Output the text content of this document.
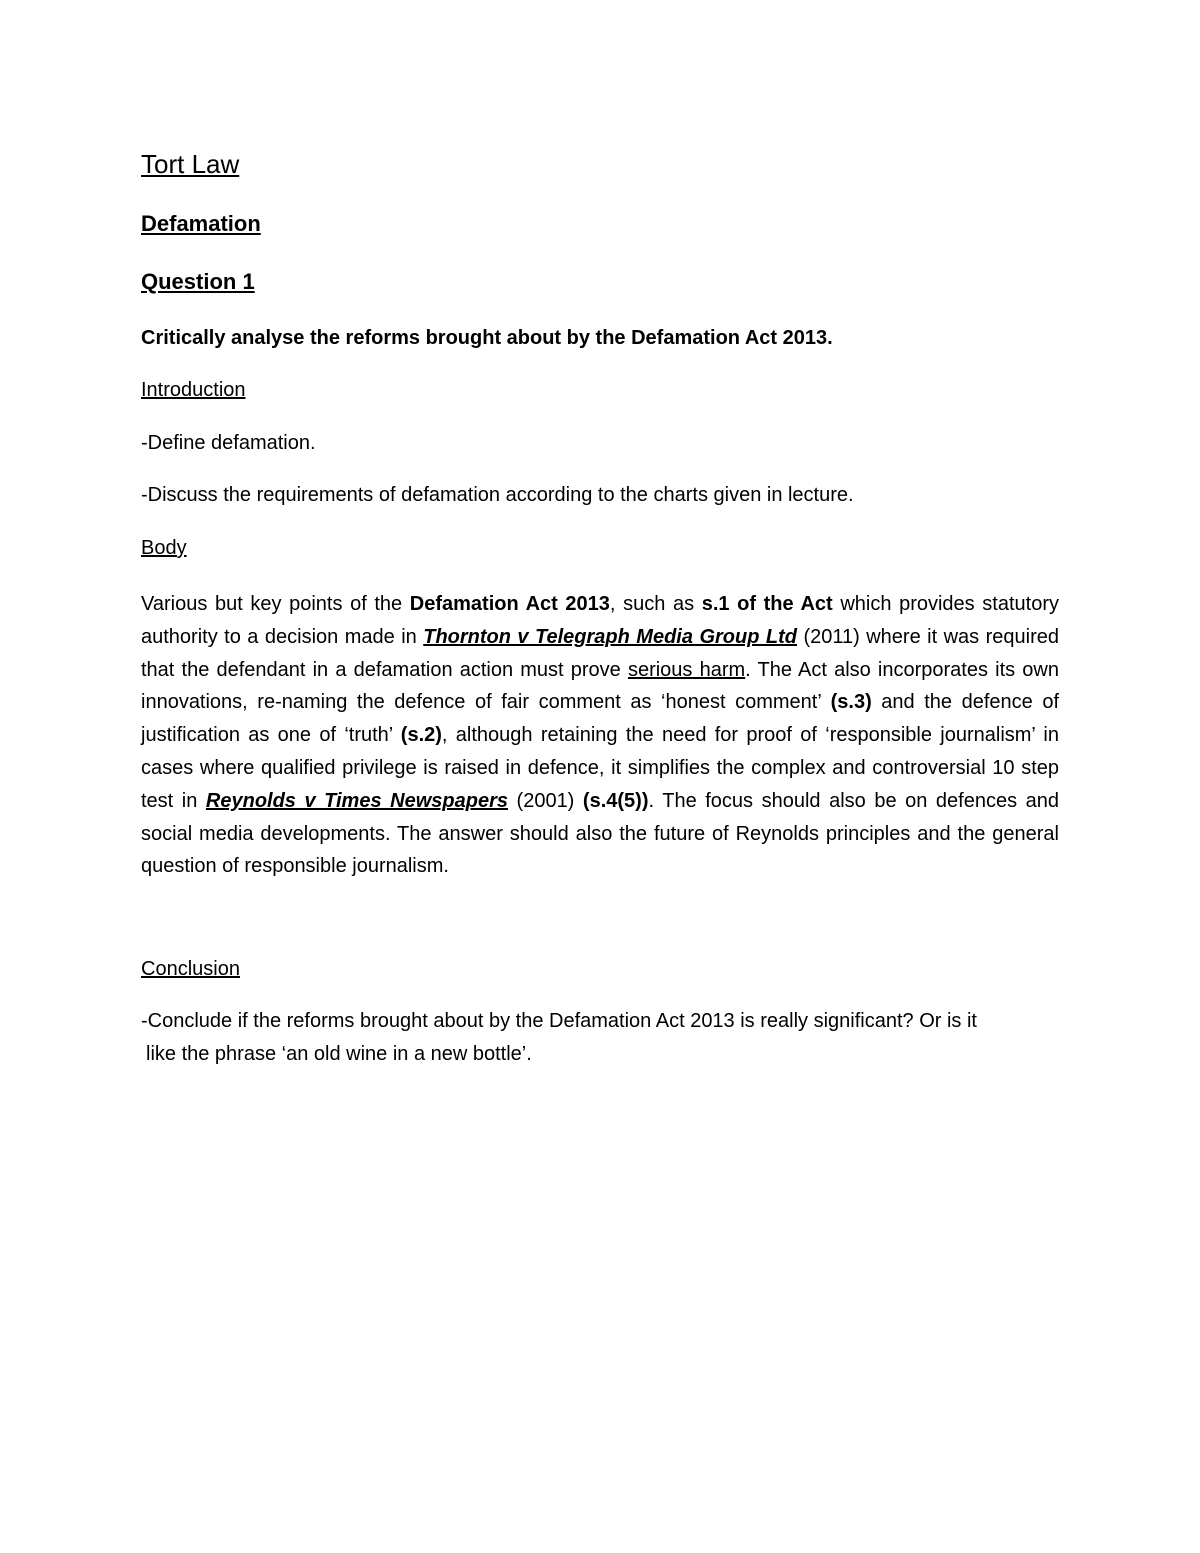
Tort Law

Defamation

Question 1

Critically analyse the reforms brought about by the Defamation Act 2013.

Introduction

-Define defamation.

-Discuss the requirements of defamation according to the charts given in lecture.

Body

Various but key points of the Defamation Act 2013, such as s.1 of the Act which provides statutory authority to a decision made in Thornton v Telegraph Media Group Ltd (2011) where it was required that the defendant in a defamation action must prove serious harm. The Act also incorporates its own innovations, re-naming the defence of fair comment as ‘honest comment’ (s.3) and the defence of justification as one of ‘truth’ (s.2), although retaining the need for proof of ‘responsible journalism’ in cases where qualified privilege is raised in defence, it simplifies the complex and controversial 10 step test in Reynolds v Times Newspapers (2001) (s.4(5)). The focus should also be on defences and social media developments. The answer should also the future of Reynolds principles and the general question of responsible journalism.

Conclusion

-Conclude if the reforms brought about by the Defamation Act 2013 is really significant? Or is it

like the phrase ‘an old wine in a new bottle’.
